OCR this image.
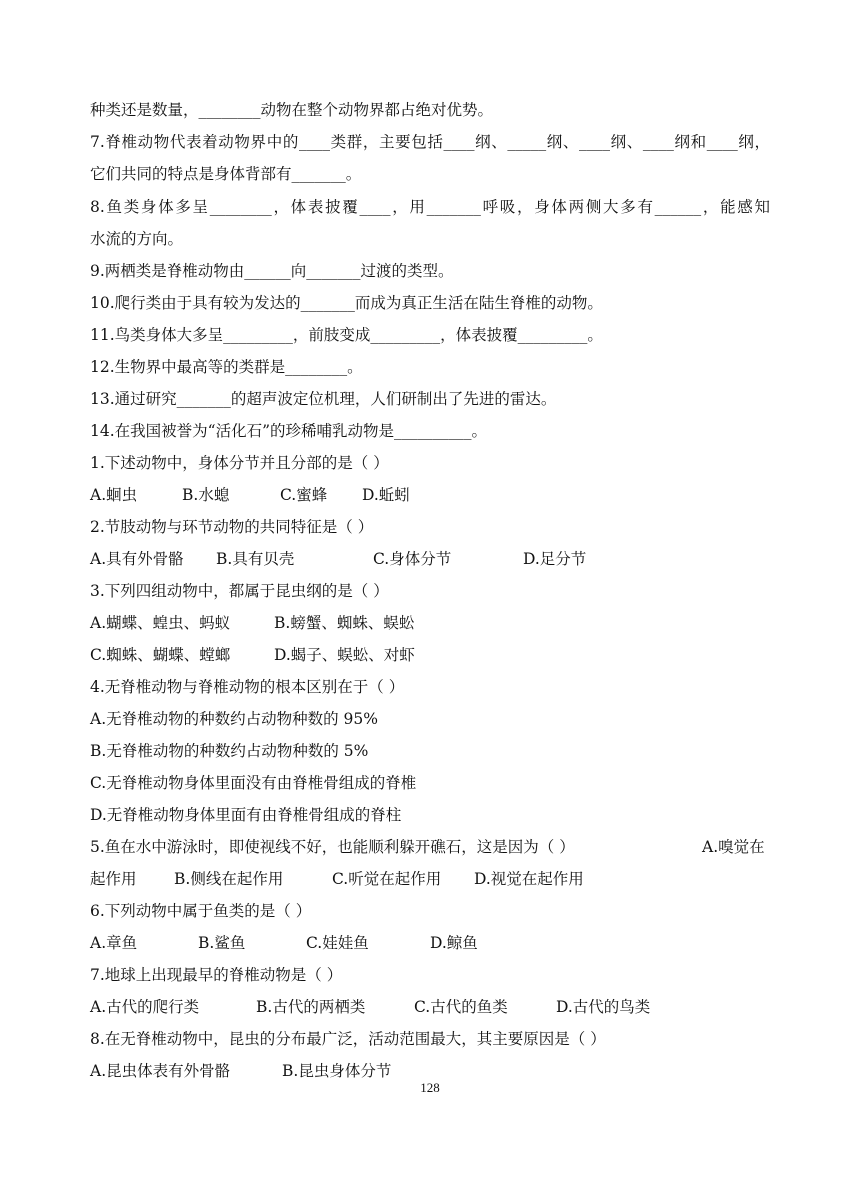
种类还是数量，________动物在整个动物界都占绝对优势。
7.脊椎动物代表着动物界中的____类群，主要包括____纲、_____纲、____纲、____纲和____纲，
它们共同的特点是身体背部有_______。
8.鱼类身体多呈________，体表披覆____，用_______呼吸，身体两侧大多有______，能感知
水流的方向。
9.两栖类是脊椎动物由______向_______过渡的类型。
10.爬行类由于具有较为发达的_______而成为真正生活在陆生脊椎的动物。
11.鸟类身体大多呈_________，前肢变成_________，体表披覆_________。
12.生物界中最高等的类群是________。
13.通过研究_______的超声波定位机理，人们研制出了先进的雷达。
14.在我国被誉为“活化石”的珍稀哺乳动物是__________。
1.下述动物中，身体分节并且分部的是（ ）
A.蛔虫	B.水螅	C.蜜蜂 D.蚯蚓
2.节肢动物与环节动物的共同特征是（ ）
A.具有外骨骼 B.具有贝壳	C.身体分节	D.足分节
3.下列四组动物中，都属于昆虫纲的是（ ）
A.蝴蝶、蝗虫、蚂蚁	B.螃蟹、蜘蛛、蜈蚣
C.蜘蛛、蝴蝶、螳螂	D.蝎子、蜈蚣、对虾
4.无脊椎动物与脊椎动物的根本区别在于（ ）
A.无脊椎动物的种数约占动物种数的 95%
B.无脊椎动物的种数约占动物种数的 5%
C.无脊椎动物身体里面没有由脊椎骨组成的脊椎
D.无脊椎动物身体里面有由脊椎骨组成的脊柱
5.鱼在水中游泳时，即使视线不好，也能顺利躲开礁石，这是因为（ ）	A.嗅觉在
起作用 B.侧线在起作用	C.听觉在起作用 D.视觉在起作用
6.下列动物中属于鱼类的是（ ）
A.章鱼	B.鲨鱼	C.娃娃鱼	D.鲸鱼
7.地球上出现最早的脊椎动物是（ ）
A.古代的爬行类	B.古代的两栖类	C.古代的鱼类	D.古代的鸟类
8.在无脊椎动物中，昆虫的分布最广泛，活动范围最大，其主要原因是（ ）
A.昆虫体表有外骨骼	B.昆虫身体分节
128
